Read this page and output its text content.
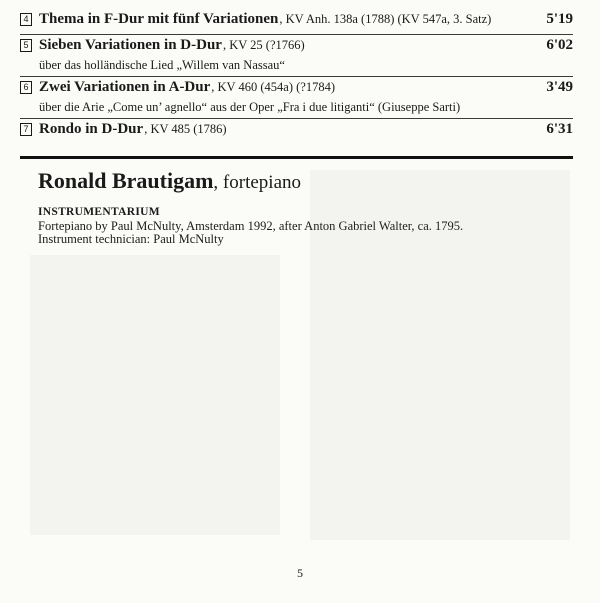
4 Thema in F-Dur mit fünf Variationen , KV Anh. 138a (1788) (KV 547a, 3. Satz)	5'19
5 Sieben Variationen in D-Dur , KV 25 (?1766)	6'02
über das holländische Lied „Willem van Nassau“
6 Zwei Variationen in A-Dur , KV 460 (454a) (?1784)	3'49
über die Arie „Come un’ agnello“ aus der Oper „Fra i due litiganti“ (Giuseppe Sarti)
7 Rondo in D-Dur , KV 485 (1786)	6'31
Ronald Brautigam, fortepiano
INSTRUMENTARIUM
Fortepiano by Paul McNulty, Amsterdam 1992, after Anton Gabriel Walter, ca. 1795.
Instrument technician: Paul McNulty
5
